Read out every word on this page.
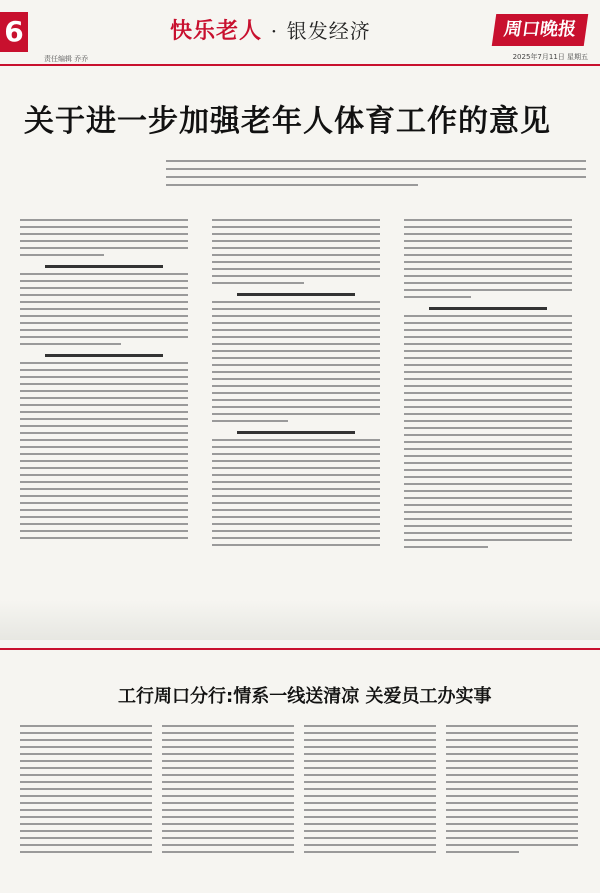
6
责任编辑 乔乔
快乐老人 · 银发经济	周口晚报
2025年7月11日 星期五
关于进一步加强老年人体育工作的意见
工行周口分行:情系一线送清凉 关爱员工办实事
